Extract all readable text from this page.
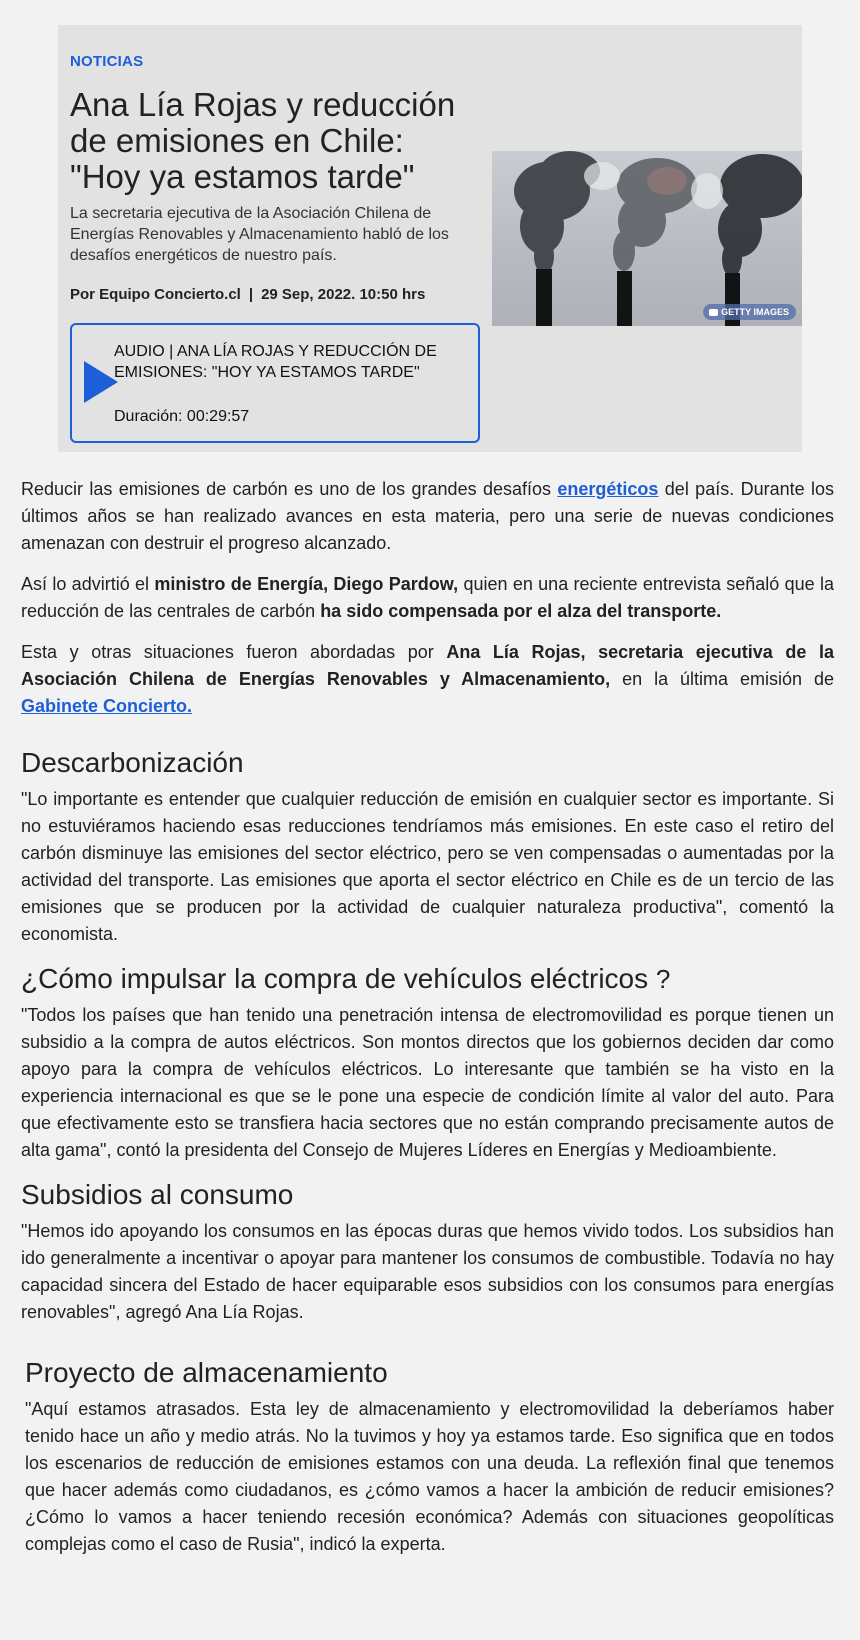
NOTICIAS
Ana Lía Rojas y reducción de emisiones en Chile: "Hoy ya estamos tarde"
La secretaria ejecutiva de la Asociación Chilena de Energías Renovables y Almacenamiento habló de los desafíos energéticos de nuestro país.
Por Equipo Concierto.cl | 29 Sep, 2022. 10:50 hrs
AUDIO | ANA LÍA ROJAS Y REDUCCIÓN DE EMISIONES: "HOY YA ESTAMOS TARDE"
Duración: 00:29:57
GETTY IMAGES

Reducir las emisiones de carbón es uno de los grandes desafíos energéticos del país. Durante los últimos años se han realizado avances en esta materia, pero una serie de nuevas condiciones amenazan con destruir el progreso alcanzado.

Así lo advirtió el ministro de Energía, Diego Pardow, quien en una reciente entrevista señaló que la reducción de las centrales de carbón ha sido compensada por el alza del transporte.

Esta y otras situaciones fueron abordadas por Ana Lía Rojas, secretaria ejecutiva de la Asociación Chilena de Energías Renovables y Almacenamiento, en la última emisión de Gabinete Concierto.

Descarbonización

"Lo importante es entender que cualquier reducción de emisión en cualquier sector es importante. Si no estuviéramos haciendo esas reducciones tendríamos más emisiones. En este caso el retiro del carbón disminuye las emisiones del sector eléctrico, pero se ven compensadas o aumentadas por la actividad del transporte. Las emisiones que aporta el sector eléctrico en Chile es de un tercio de las emisiones que se producen por la actividad de cualquier naturaleza productiva", comentó la economista.

¿Cómo impulsar la compra de vehículos eléctricos ?

"Todos los países que han tenido una penetración intensa de electromovilidad es porque tienen un subsidio a la compra de autos eléctricos. Son montos directos que los gobiernos deciden dar como apoyo para la compra de vehículos eléctricos. Lo interesante que también se ha visto en la experiencia internacional es que se le pone una especie de condición límite al valor del auto. Para que efectivamente esto se transfiera hacia sectores que no están comprando precisamente autos de alta gama", contó la presidenta del Consejo de Mujeres Líderes en Energías y Medioambiente.

Subsidios al consumo

"Hemos ido apoyando los consumos en las épocas duras que hemos vivido todos. Los subsidios han ido generalmente a incentivar o apoyar para mantener los consumos de combustible. Todavía no hay capacidad sincera del Estado de hacer equiparable esos subsidios con los consumos para energías renovables", agregó Ana Lía Rojas.

Proyecto de almacenamiento

"Aquí estamos atrasados. Esta ley de almacenamiento y electromovilidad la deberíamos haber tenido hace un año y medio atrás. No la tuvimos y hoy ya estamos tarde. Eso significa que en todos los escenarios de reducción de emisiones estamos con una deuda. La reflexión final que tenemos que hacer además como ciudadanos, es ¿cómo vamos a hacer la ambición de reducir emisiones? ¿Cómo lo vamos a hacer teniendo recesión económica? Además con situaciones geopolíticas complejas como el caso de Rusia", indicó la experta.
